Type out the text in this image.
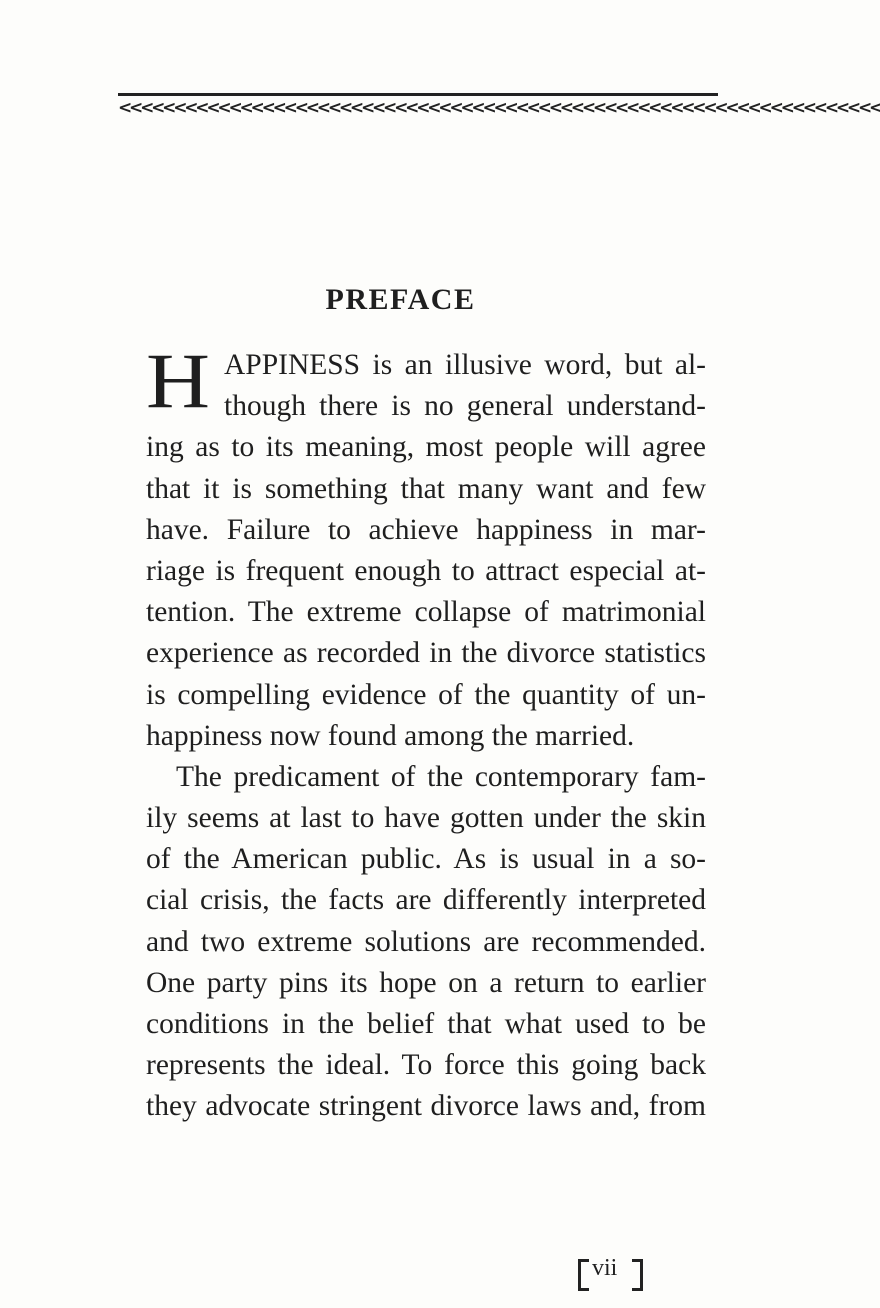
<<<<<<<<<<<<<<<<<<<<<<<<<<<<<<<<<<<<<<<<<<<<<<<<<<<<<<<<<<<<<<<<<<<<<
PREFACE
H APPINESS is an illusive word, but al-
though there is no general understand-
ing as to its meaning, most people will agree
that it is something that many want and few
have. Failure to achieve happiness in mar-
riage is frequent enough to attract especial at-
tention. The extreme collapse of matrimonial
experience as recorded in the divorce statistics
is compelling evidence of the quantity of un-
happiness now found among the married.
The predicament of the contemporary fam-
ily seems at last to have gotten under the skin
of the American public. As is usual in a so-
cial crisis, the facts are differently interpreted
and two extreme solutions are recommended.
One party pins its hope on a return to earlier
conditions in the belief that what used to be
represents the ideal. To force this going back
they advocate stringent divorce laws and, from
vii
